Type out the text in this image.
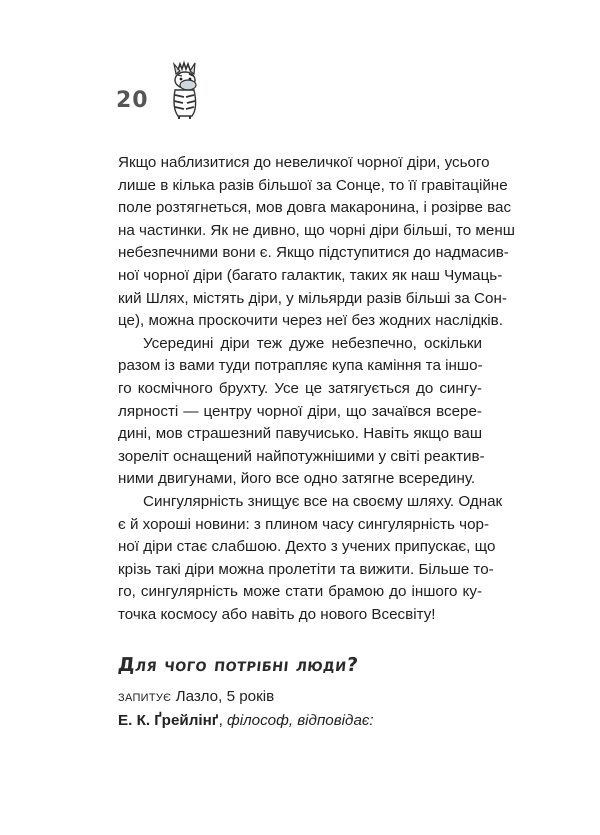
20
Якщо наблизитися до невеличкої чорної діри, усього
лише в кілька разів більшої за Сонце, то її гравітаційне
поле розтягнеться, мов довга макаронина, і розірве вас
на частинки. Як не дивно, що чорні діри більші, то менш
небезпечними вони є. Якщо підступитися до надмасив-
ної чорної діри (багато галактик, таких як наш Чумаць-
кий Шлях, містять діри, у мільярди разів більші за Сон-
це), можна проскочити через неї без жодних наслідків.
Усередині діри теж дуже небезпечно, оскільки
разом із вами туди потрапляє купа каміння та іншо-
го космічного брухту. Усе це затягується до сингу-
лярності — центру чорної діри, що зачаївся всере-
дині, мов страшезний павучисько. Навіть якщо ваш
зореліт оснащений найпотужнішими у світі реактив-
ними двигунами, його все одно затягне всередину.
Сингулярність знищує все на своєму шляху. Однак
є й хороші новини: з плином часу сингулярність чор-
ної діри стає слабшою. Дехто з учених припускає, що
крізь такі діри можна пролетіти та вижити. Більше то-
го, сингулярність може стати брамою до іншого ку-
точка космосу або навіть до нового Всесвіту!
Для чого потрібні люди?
ЗАПИТУЄ Лазло, 5 років
Е. К. Ґрейлінґ, філософ, відповідає:
